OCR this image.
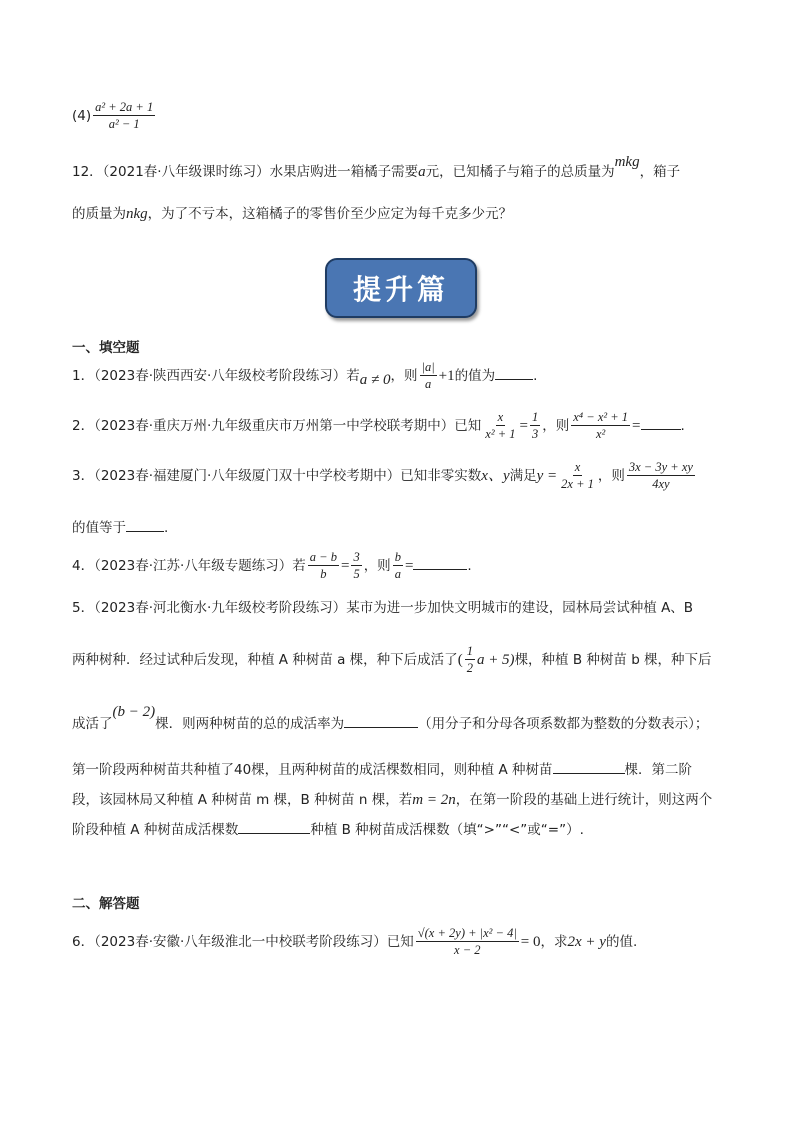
$(4) \frac{\text{a² + 2a + 1}}{\text{a² − 1}}$
12．（2021春·八年级课时练习）水果店购进一箱橘子需要a元，已知橘子与箱子的总质量为mkg，箱子
的质量为nkg，为了不亏本，这箱橘子的零售价至少应定为每千克多少元？
提升篇
一、填空题
1．（2023春·陕西西安·八年级校考阶段练习）若a ≠ 0，则 $\frac{|a|}{a} +1$的值为	.
2．（2023春·重庆万州·九年级重庆市万州第一中学校联考期中）已知 $\frac{x}{\text{x² + 1}} = \frac{1}{3}$ ，则 $\frac{\text{x⁴ − x² + 1}}{\text{x²}}$ =	.
3．（2023春·福建厦门·八年级厦门双十中学校考期中）已知非零实数x、y满足$y = \frac{x}{2x + 1}$ ，则 $\frac{3x - 3y + xy}{4xy}$
的值等于	.
4．（2023春·江苏·八年级专题练习）若 $\frac{a - b}{b} = \frac{3}{5}$ ，则 $\frac{b}{a}$ =	.
5．（2023春·河北衡水·九年级校考阶段练习）某市为进一步加快文明城市的建设，园林局尝试种植 A、B
两种树种．经过试种后发现，种植 A 种树苗 a 棵，种下后成活了( $\frac{1}{2}$ a + 5)棵，种植 B 种树苗 b 棵，种下后
成活了(b − 2)棵．则两种树苗的总的成活率为	（用分子和分母各项系数都为整数的分数表示）；
第一阶段两种树苗共种植了40棵，且两种树苗的成活棵数相同，则种植 A 种树苗	棵．第二阶
段，该园林局又种植 A 种树苗 m 棵，B 种树苗 n 棵，若m = 2n，在第一阶段的基础上进行统计，则这两个
阶段种植 A 种树苗成活棵数	种植 B 种树苗成活棵数（填“>”“<”或“=”）.
二、解答题
6．（2023春·安徽·八年级淮北一中校联考阶段练习）已知 $\frac{\text{√(x + 2y) + |x² − 4|}}{x - 2} = 0$，求2x + y的值.
